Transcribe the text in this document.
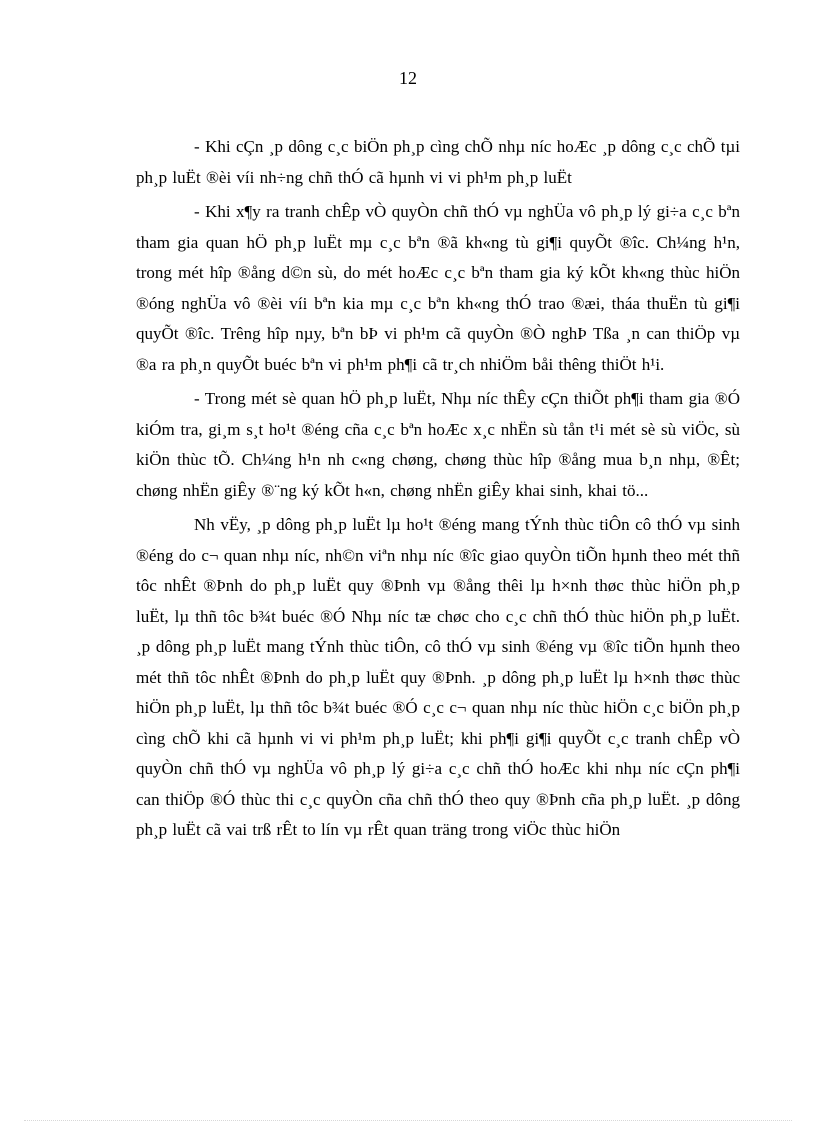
12

- Khi cÇn ¸p dông c¸c biÖn ph¸p cìng chÕ nhµ níc hoÆc ¸p dông c¸c chÕ tµi ph¸p luËt ®èi víi nh÷ng chñ thÓ cã hµnh vi vi ph¹m ph¸p luËt

- Khi x¶y ra tranh chÊp vÒ quyÒn chñ thÓ vµ nghÜa vô ph¸p lý gi÷a c¸c bªn tham gia quan hÖ ph¸p luËt mµ c¸c bªn ®ã kh«ng tù gi¶i quyÕt ®îc. Ch¼ng h¹n, trong mét hîp ®ång d©n sù, do mét hoÆc c¸c bªn tham gia ký kÕt kh«ng thùc hiÖn ®óng nghÜa vô ®èi víi bªn kia mµ c¸c bªn kh«ng thÓ trao ®æi, tháa thuËn tù gi¶i quyÕt ®îc. Trêng hîp nµy, bªn bÞ vi ph¹m cã quyÒn ®Ò nghÞ Tßa ¸n can thiÖp vµ ®a ra ph¸n quyÕt buéc bªn vi ph¹m ph¶i cã tr¸ch nhiÖm båi thêng thiÖt h¹i.

- Trong mét sè quan hÖ ph¸p luËt, Nhµ níc thÊy cÇn thiÕt ph¶i tham gia ®Ó kiÓm tra, gi¸m s¸t ho¹t ®éng cña c¸c bªn hoÆc x¸c nhËn sù tån t¹i mét sè sù viÖc, sù kiÖn thùc tÕ. Ch¼ng h¹n nh c«ng chøng, chøng thùc hîp ®ång mua b¸n nhµ, ®Êt; chøng nhËn giÊy ®¨ng ký kÕt h«n, chøng nhËn giÊy khai sinh, khai tö...

Nh vËy, ¸p dông ph¸p luËt lµ ho¹t ®éng mang tÝnh thùc tiÔn cô thÓ vµ sinh ®éng do c¬ quan nhµ níc, nh©n viªn nhµ níc ®îc giao quyÒn tiÕn hµnh theo mét thñ tôc nhÊt ®Þnh do ph¸p luËt quy ®Þnh vµ ®ång thêi lµ h×nh thøc thùc hiÖn ph¸p luËt, lµ thñ tôc b¾t buéc ®Ó Nhµ níc tæ chøc cho c¸c chñ thÓ thùc hiÖn ph¸p luËt. ¸p dông ph¸p luËt mang tÝnh thùc tiÔn, cô thÓ vµ sinh ®éng vµ ®îc tiÕn hµnh theo mét thñ tôc nhÊt ®Þnh do ph¸p luËt quy ®Þnh. ¸p dông ph¸p luËt lµ h×nh thøc thùc hiÖn ph¸p luËt, lµ thñ tôc b¾t buéc ®Ó c¸c c¬ quan nhµ níc thùc hiÖn c¸c biÖn ph¸p cìng chÕ khi cã hµnh vi vi ph¹m ph¸p luËt; khi ph¶i gi¶i quyÕt c¸c tranh chÊp vÒ quyÒn chñ thÓ vµ nghÜa vô ph¸p lý gi÷a c¸c chñ thÓ hoÆc khi nhµ níc cÇn ph¶i can thiÖp ®Ó thùc thi c¸c quyÒn cña chñ thÓ theo quy ®Þnh cña ph¸p luËt. ¸p dông ph¸p luËt cã vai trß rÊt to lín vµ rÊt quan träng trong viÖc thùc hiÖn
